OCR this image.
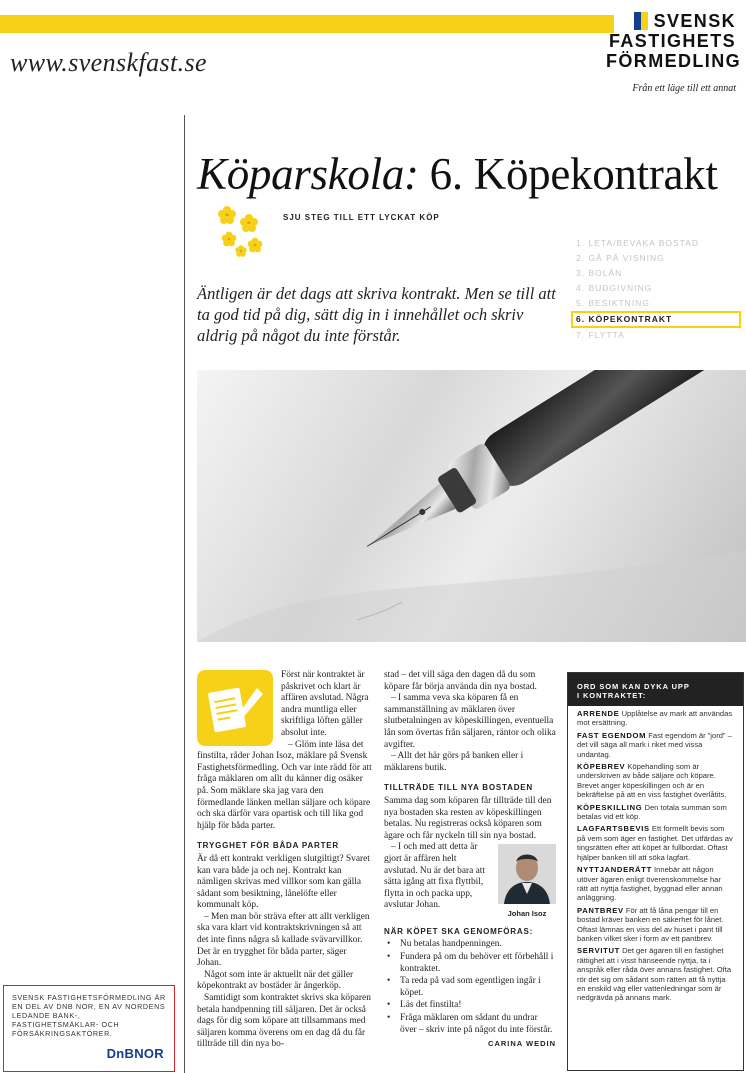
www.svenskfast.se
SVENSK
FASTIGHETS
FÖRMEDLING
Från ett läge till ett annat
Köparskola: 6. Köpekontrakt
SJU STEG TILL ETT LYCKAT KÖP
1. LETA/BEVAKA BOSTAD
2. GÅ PÅ VISNING
3. BOLÅN
4. BUDGIVNING
5. BESIKTNING
6. KÖPEKONTRAKT
7. FLYTTA
Äntligen är det dags att skriva kontrakt. Men se till att ta god tid på dig, sätt dig in i innehållet och skriv aldrig på något du inte förstår.

Först när kontraktet är påskrivet och klart är affären avslutad. Några andra muntliga eller skriftliga löften gäller absolut inte.

– Glöm inte läsa det finstilta, råder Johan Isoz, mäklare på Svensk Fastighetsförmedling. Och var inte rädd för att fråga mäklaren om allt du känner dig osäker på. Som mäklare ska jag vara den förmedlande länken mellan säljare och köpare och ska därför vara opartisk och till lika god hjälp för båda parter.

TRYGGHET FÖR BÅDA PARTER

Är då ett kontrakt verkligen slutgiltigt? Svaret kan vara både ja och nej. Kontrakt kan nämligen skrivas med villkor som kan gälla sådant som besiktning, lånelöfte eller kommunalt köp.

– Men man bör sträva efter att allt verkligen ska vara klart vid kontraktskrivningen så att det inte finns några så kallade svävarvillkor. Det är en trygghet för båda parter, säger Johan.

Något som inte är aktuellt när det gäller köpekontrakt av bostäder är ångerköp.

Samtidigt som kontraktet skrivs ska köparen betala handpenning till säljaren. Det är också dags för dig som köpare att tillsammans med säljaren komma överens om en dag då du får tillträde till din nya bo-

stad – det vill säga den dagen då du som köpare får börja använda din nya bostad.

– I samma veva ska köparen få en sammanställning av mäklaren över slutbetalningen av köpeskillingen, eventuella lån som övertas från säljaren, räntor och olika avgifter.

– Allt det här görs på banken eller i mäklarens butik.

TILLTRÄDE TILL NYA BOSTADEN

Samma dag som köparen får tillträde till den nya bostaden ska resten av köpeskillingen betalas. Nu registreras också köparen som ägare och får nyckeln till sin nya bostad.

Johan Isoz

– I och med att detta är gjort är affären helt avslutad. Nu är det bara att sätta igång att fixa flyttbil, flytta in och packa upp, avslutar Johan.

NÄR KÖPET SKA GENOMFÖRAS:
• Nu betalas handpenningen.
• Fundera på om du behöver ett förbehåll i kontraktet.
• Ta reda på vad som egentligen ingår i köpet.
• Läs det finstilta!
• Fråga mäklaren om sådant du undrar över – skriv inte på något du inte förstår.
CARINA WEDIN
ORD SOM KAN DYKA UPP
I KONTRAKTET:
ARRENDE Upplåtelse av mark att användas mot ersättning.
FAST EGENDOM Fast egendom är ”jord” – det vill säga all mark i riket med vissa undantag.
KÖPEBREV Köpehandling som är underskriven av både säljare och köpare. Brevet anger köpeskillingen och är en bekräftelse på att en viss fastighet överlåtits.
KÖPESKILLING Den totala summan som betalas vid ett köp.
LAGFARTSBEVIS Ett formellt bevis som på vem som äger en fastighet. Det utfärdas av tingsrätten efter att köpet är fullbordat. Oftast hjälper banken till att söka lagfart.
NYTTJANDERÄTT Innebär att någon utöver ägaren enligt överenskommelse har rätt att nyttja fastighet, byggnad eller annan anläggning.
PANTBREV För att få låna pengar till en bostad kräver banken en säkerhet för lånet. Oftast lämnas en viss del av huset i pant till banken vilket sker i form av ett pantbrev.
SERVITUT Det ger ägaren till en fastighet rättighet att i visst hänseende nyttja, ta i anspråk eller råda över annans fastighet. Ofta rör det sig om sådant som rätten att få nyttja en enskild väg eller vattenledningar som är nedgrävda på annans mark.
SVENSK FASTIGHETSFÖRMEDLING ÄR EN DEL AV DNB NOR, EN AV NORDENS LEDANDE BANK-, FASTIGHETSMÄKLAR- OCH FÖRSÄKRINGSAKTÖRER.
DnBNOR
